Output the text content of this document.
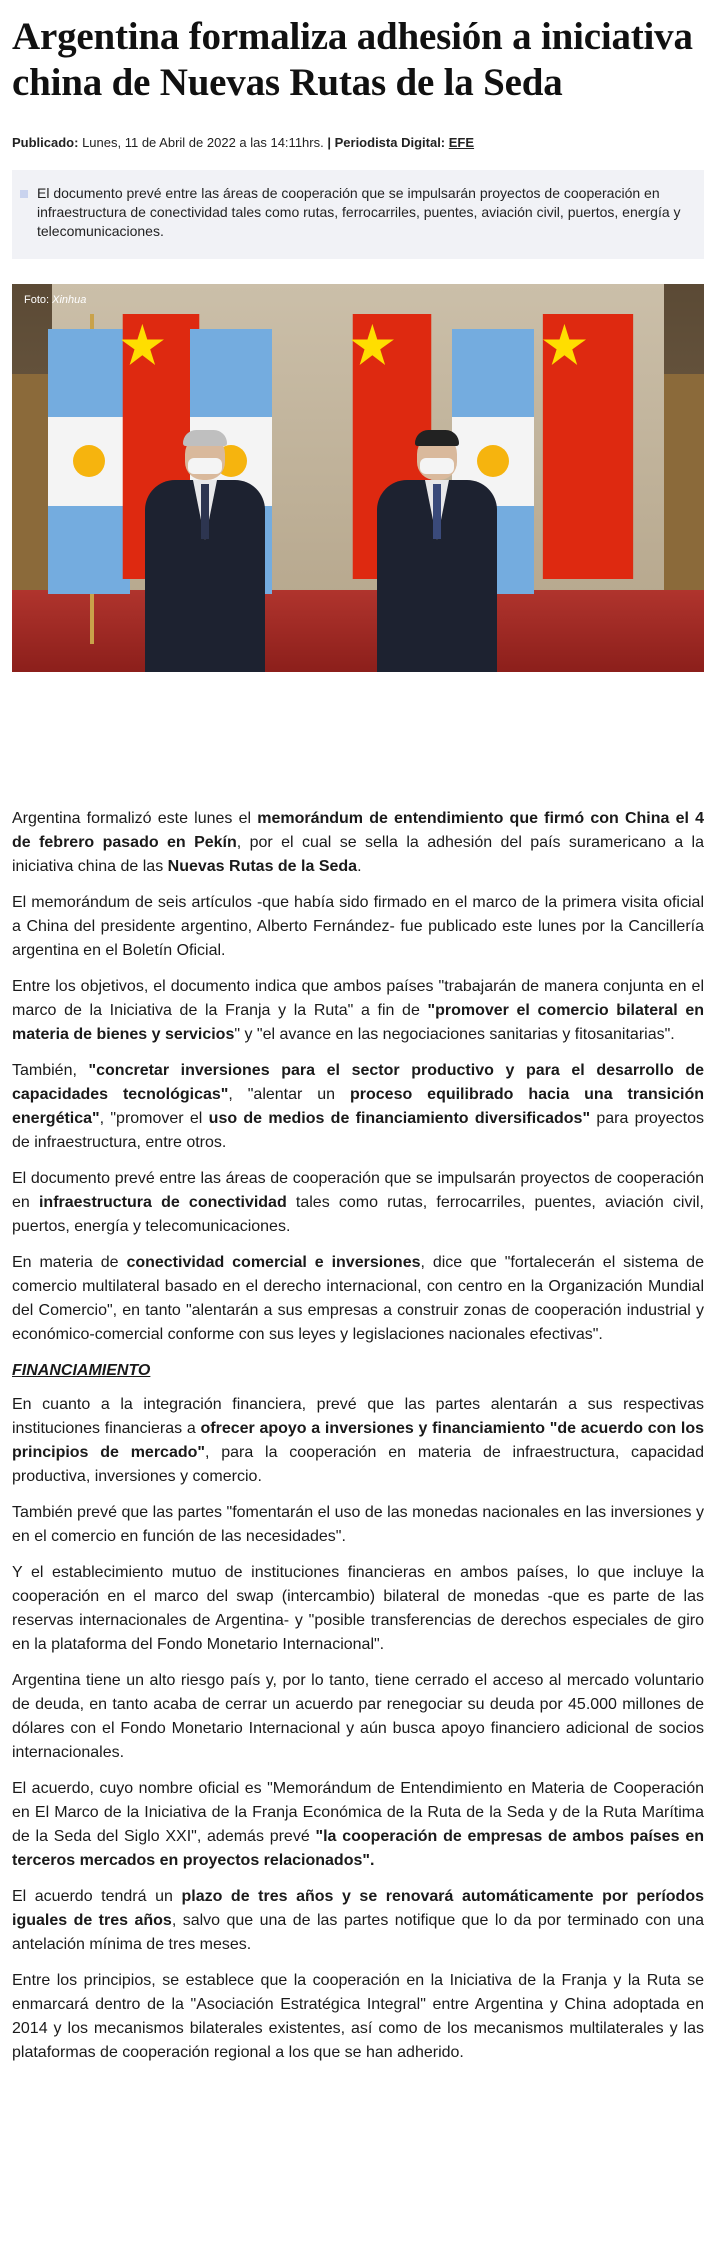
Argentina formaliza adhesión a iniciativa china de Nuevas Rutas de la Seda
Publicado: Lunes, 11 de Abril de 2022 a las 14:11hrs. | Periodista Digital: EFE
El documento prevé entre las áreas de cooperación que se impulsarán proyectos de cooperación en infraestructura de conectividad tales como rutas, ferrocarriles, puentes, aviación civil, puertos, energía y telecomunicaciones.
Foto: Xinhua

Argentina formalizó este lunes el memorándum de entendimiento que firmó con China el 4 de febrero pasado en Pekín, por el cual se sella la adhesión del país suramericano a la iniciativa china de las Nuevas Rutas de la Seda.

El memorándum de seis artículos -que había sido firmado en el marco de la primera visita oficial a China del presidente argentino, Alberto Fernández- fue publicado este lunes por la Cancillería argentina en el Boletín Oficial.

Entre los objetivos, el documento indica que ambos países "trabajarán de manera conjunta en el marco de la Iniciativa de la Franja y la Ruta" a fin de "promover el comercio bilateral en materia de bienes y servicios" y "el avance en las negociaciones sanitarias y fitosanitarias".

También, "concretar inversiones para el sector productivo y para el desarrollo de capacidades tecnológicas", "alentar un proceso equilibrado hacia una transición energética", "promover el uso de medios de financiamiento diversificados" para proyectos de infraestructura, entre otros.

El documento prevé entre las áreas de cooperación que se impulsarán proyectos de cooperación en infraestructura de conectividad tales como rutas, ferrocarriles, puentes, aviación civil, puertos, energía y telecomunicaciones.

En materia de conectividad comercial e inversiones, dice que "fortalecerán el sistema de comercio multilateral basado en el derecho internacional, con centro en la Organización Mundial del Comercio", en tanto "alentarán a sus empresas a construir zonas de cooperación industrial y económico-comercial conforme con sus leyes y legislaciones nacionales efectivas".

FINANCIAMIENTO

En cuanto a la integración financiera, prevé que las partes alentarán a sus respectivas instituciones financieras a ofrecer apoyo a inversiones y financiamiento "de acuerdo con los principios de mercado", para la cooperación en materia de infraestructura, capacidad productiva, inversiones y comercio.

También prevé que las partes "fomentarán el uso de las monedas nacionales en las inversiones y en el comercio en función de las necesidades".

Y el establecimiento mutuo de instituciones financieras en ambos países, lo que incluye la cooperación en el marco del swap (intercambio) bilateral de monedas -que es parte de las reservas internacionales de Argentina- y "posible transferencias de derechos especiales de giro en la plataforma del Fondo Monetario Internacional".

Argentina tiene un alto riesgo país y, por lo tanto, tiene cerrado el acceso al mercado voluntario de deuda, en tanto acaba de cerrar un acuerdo par renegociar su deuda por 45.000 millones de dólares con el Fondo Monetario Internacional y aún busca apoyo financiero adicional de socios internacionales.

El acuerdo, cuyo nombre oficial es "Memorándum de Entendimiento en Materia de Cooperación en El Marco de la Iniciativa de la Franja Económica de la Ruta de la Seda y de la Ruta Marítima de la Seda del Siglo XXI", además prevé "la cooperación de empresas de ambos países en terceros mercados en proyectos relacionados".

El acuerdo tendrá un plazo de tres años y se renovará automáticamente por períodos iguales de tres años, salvo que una de las partes notifique que lo da por terminado con una antelación mínima de tres meses.

Entre los principios, se establece que la cooperación en la Iniciativa de la Franja y la Ruta se enmarcará dentro de la "Asociación Estratégica Integral" entre Argentina y China adoptada en 2014 y los mecanismos bilaterales existentes, así como de los mecanismos multilaterales y las plataformas de cooperación regional a los que se han adherido.
